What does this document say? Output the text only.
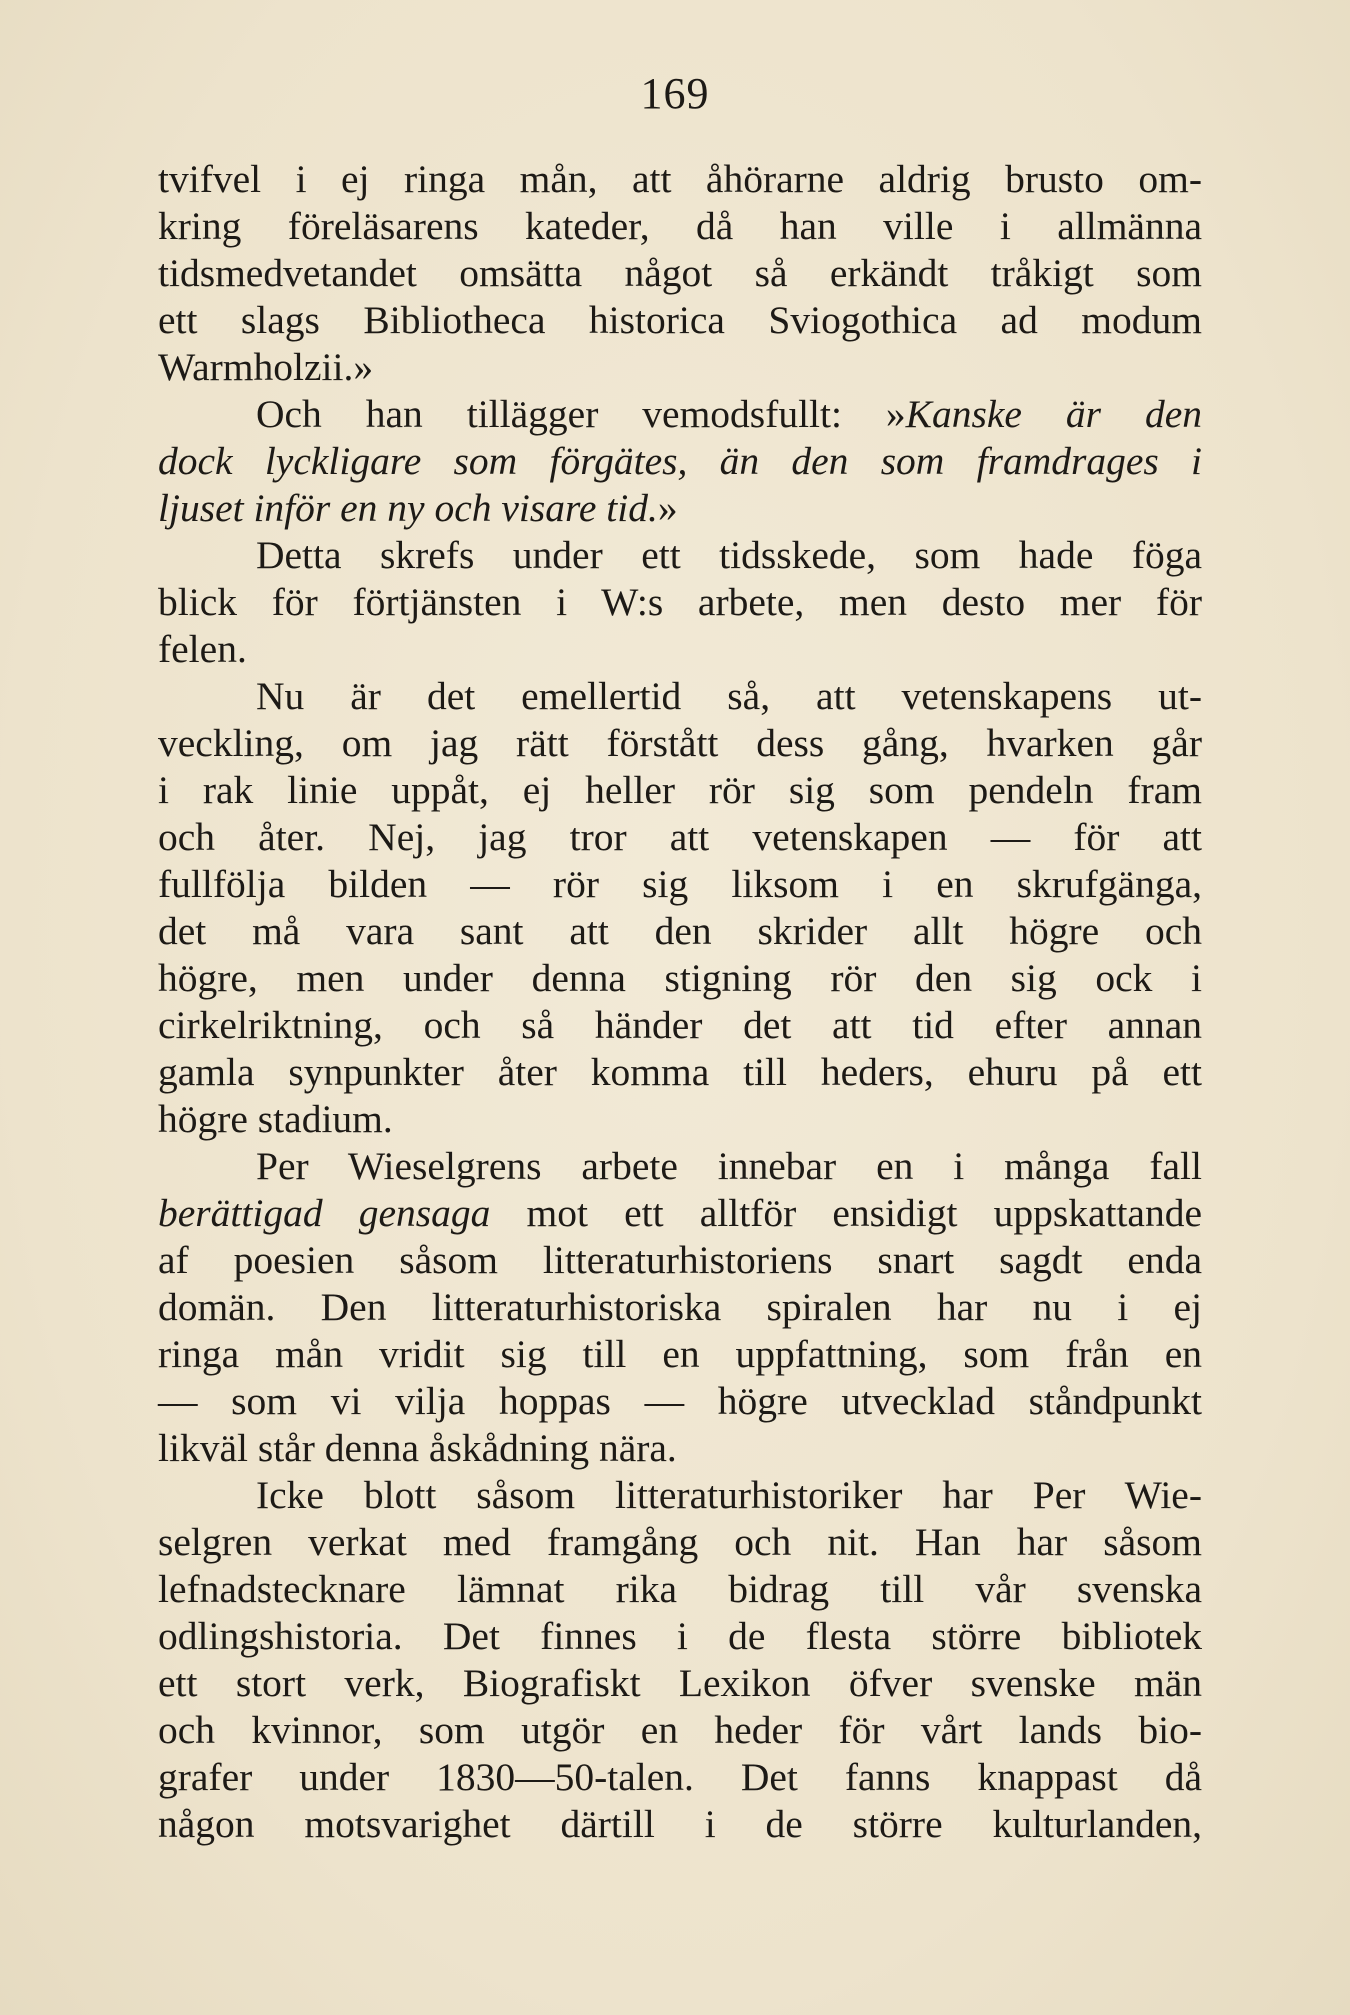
169
tvifvel i ej ringa mån, att åhörarne aldrig brusto om-
kring föreläsarens kateder, då han ville i allmänna
tidsmedvetandet omsätta något så erkändt tråkigt som
ett slags Bibliotheca historica Sviogothica ad modum
Warmholzii.»
Och han tillägger vemodsfullt: »Kanske är den
dock lyckligare som förgätes, än den som framdrages i
ljuset inför en ny och visare tid.»
Detta skrefs under ett tidsskede, som hade föga
blick för förtjänsten i W:s arbete, men desto mer för
felen.
Nu är det emellertid så, att vetenskapens ut-
veckling, om jag rätt förstått dess gång, hvarken går
i rak linie uppåt, ej heller rör sig som pendeln fram
och åter. Nej, jag tror att vetenskapen — för att
fullfölja bilden — rör sig liksom i en skrufgänga,
det må vara sant att den skrider allt högre och
högre, men under denna stigning rör den sig ock i
cirkelriktning, och så händer det att tid efter annan
gamla synpunkter åter komma till heders, ehuru på ett
högre stadium.
Per Wieselgrens arbete innebar en i många fall
berättigad gensaga mot ett alltför ensidigt uppskattande
af poesien såsom litteraturhistoriens snart sagdt enda
domän. Den litteraturhistoriska spiralen har nu i ej
ringa mån vridit sig till en uppfattning, som från en
— som vi vilja hoppas — högre utvecklad ståndpunkt
likväl står denna åskådning nära.
Icke blott såsom litteraturhistoriker har Per Wie-
selgren verkat med framgång och nit. Han har såsom
lefnadstecknare lämnat rika bidrag till vår svenska
odlingshistoria. Det finnes i de flesta större bibliotek
ett stort verk, Biografiskt Lexikon öfver svenske män
och kvinnor, som utgör en heder för vårt lands bio-
grafer under 1830—50-talen. Det fanns knappast då
någon motsvarighet därtill i de större kulturlanden,
